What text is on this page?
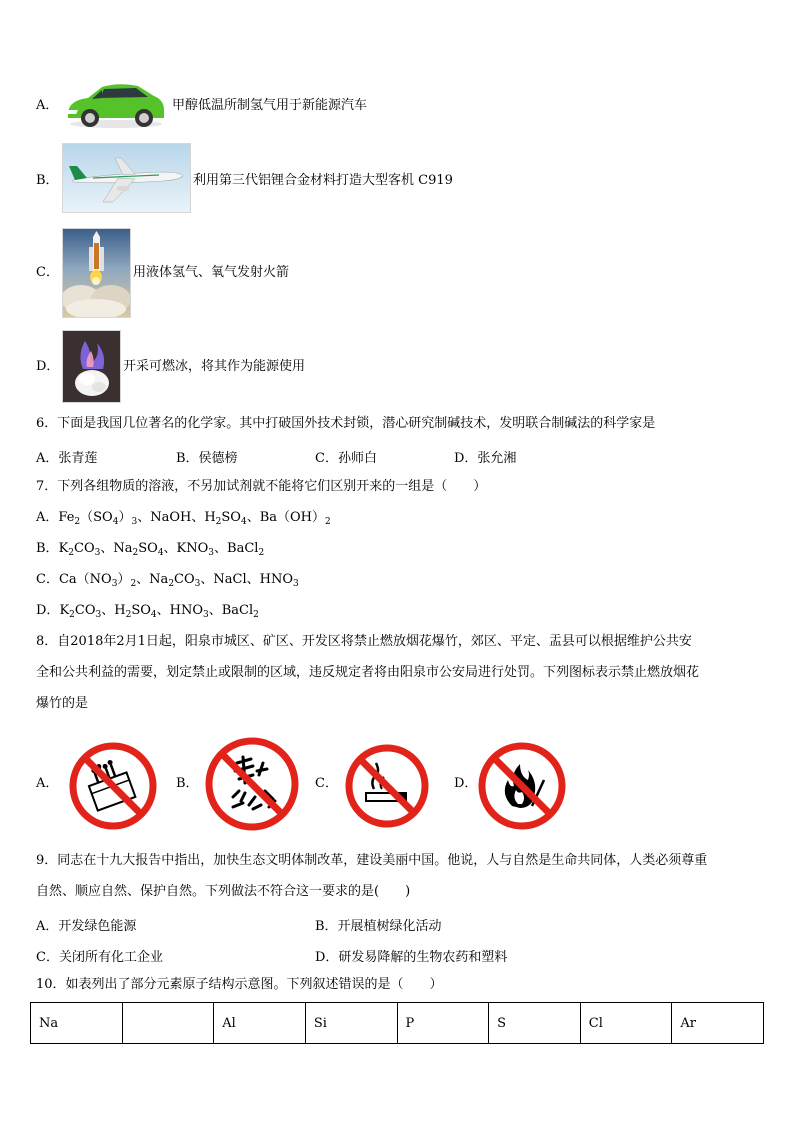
A．	甲醇低温所制氢气用于新能源汽车
B．	利用第三代铝锂合金材料打造大型客机 C919
C．	用液体氢气、氧气发射火箭
D．	开采可燃冰，将其作为能源使用
6．下面是我国几位著名的化学家。其中打破国外技术封锁，潜心研究制碱技术，发明联合制碱法的科学家是
A．张青莲	B．侯德榜	C．孙师白	D．张允湘
7．下列各组物质的溶液，不另加试剂就不能将它们区别开来的一组是（　　）
A．$Fe_2(SO_4)_3$、NaOH、$H_2SO_4$、$Ba(OH)_2$
B．$K_2CO_3$、$Na_2SO_4$、$KNO_3$、BaCl$_2$
C．$Ca(NO_3)_2$、$Na_2CO_3$、NaCl、$HNO_3$
D．$K_2CO_3$、$H_2SO_4$、$HNO_3$、BaCl$_2$
8．自2018年2月1日起，阳泉市城区、矿区、开发区将禁止燃放烟花爆竹，郊区、平定、盂县可以根据维护公共安
全和公共利益的需要，划定禁止或限制的区域，违反规定者将由阳泉市公安局进行处罚。下列图标表示禁止燃放烟花
爆竹的是
A．	B．	C．	D．
9．同志在十九大报告中指出，加快生态文明体制改革，建设美丽中国。他说，人与自然是生命共同体，人类必须尊重
自然、顺应自然、保护自然。下列做法不符合这一要求的是(　　)
A．开发绿色能源	B．开展植树绿化活动
C．关闭所有化工企业	D．研发易降解的生物农药和塑料
10．如表列出了部分元素原子结构示意图。下列叙述错误的是（　　）
Na		Al	Si	P	S	Cl	Ar
